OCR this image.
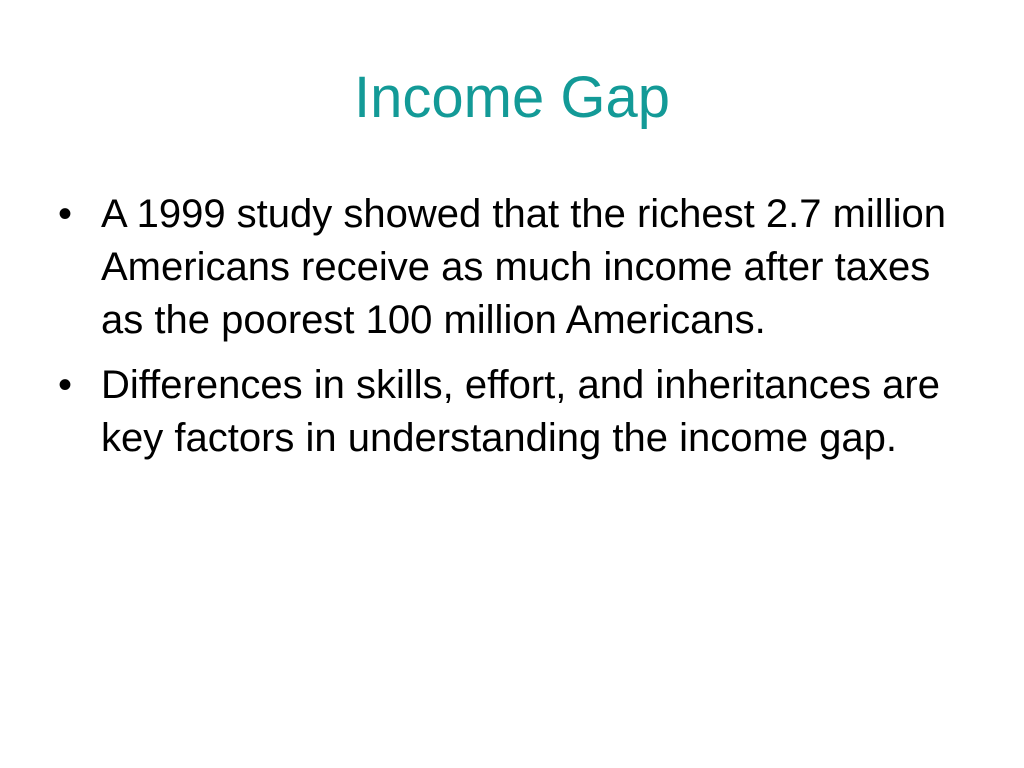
Income Gap
• A 1999 study showed that the richest 2.7 million Americans receive as much income after taxes as the poorest 100 million Americans.
• Differences in skills, effort, and inheritances are key factors in understanding the income gap.
